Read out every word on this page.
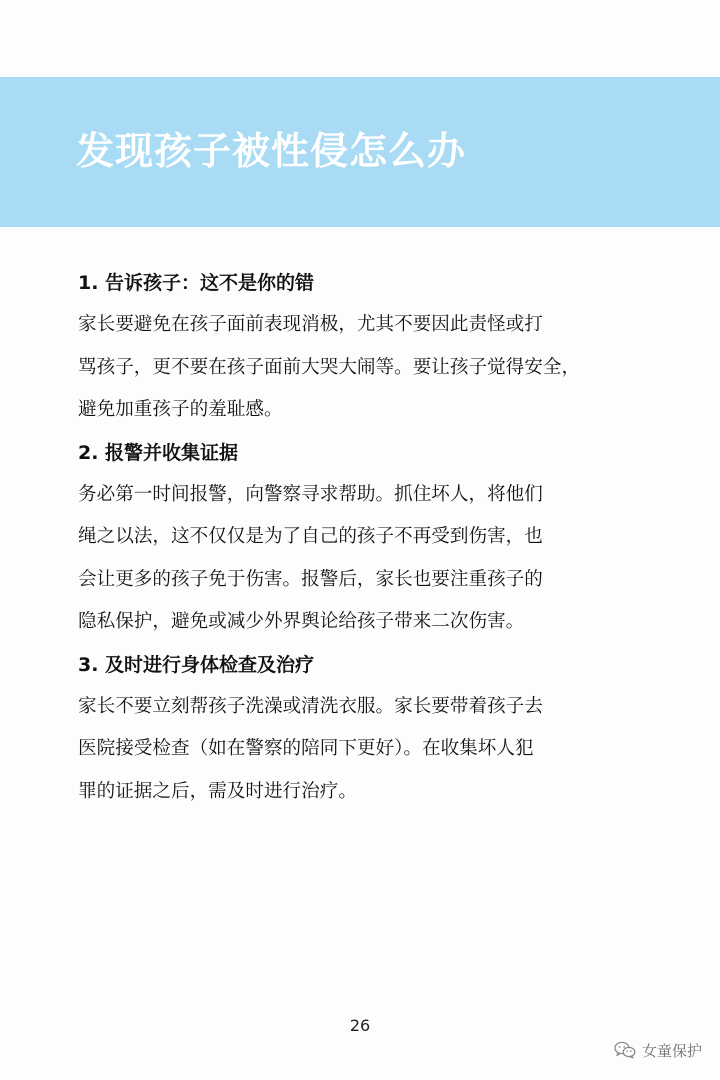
发现孩子被性侵怎么办
1. 告诉孩子：这不是你的错

家长要避免在孩子面前表现消极，尤其不要因此责怪或打
骂孩子，更不要在孩子面前大哭大闹等。要让孩子觉得安全，
避免加重孩子的羞耻感。

2. 报警并收集证据

务必第一时间报警，向警察寻求帮助。抓住坏人，将他们
绳之以法，这不仅仅是为了自己的孩子不再受到伤害，也
会让更多的孩子免于伤害。报警后，家长也要注重孩子的
隐私保护，避免或减少外界舆论给孩子带来二次伤害。

3. 及时进行身体检查及治疗

家长不要立刻帮孩子洗澡或清洗衣服。家长要带着孩子去
医院接受检查（如在警察的陪同下更好）。在收集坏人犯
罪的证据之后，需及时进行治疗。

26
女童保护
